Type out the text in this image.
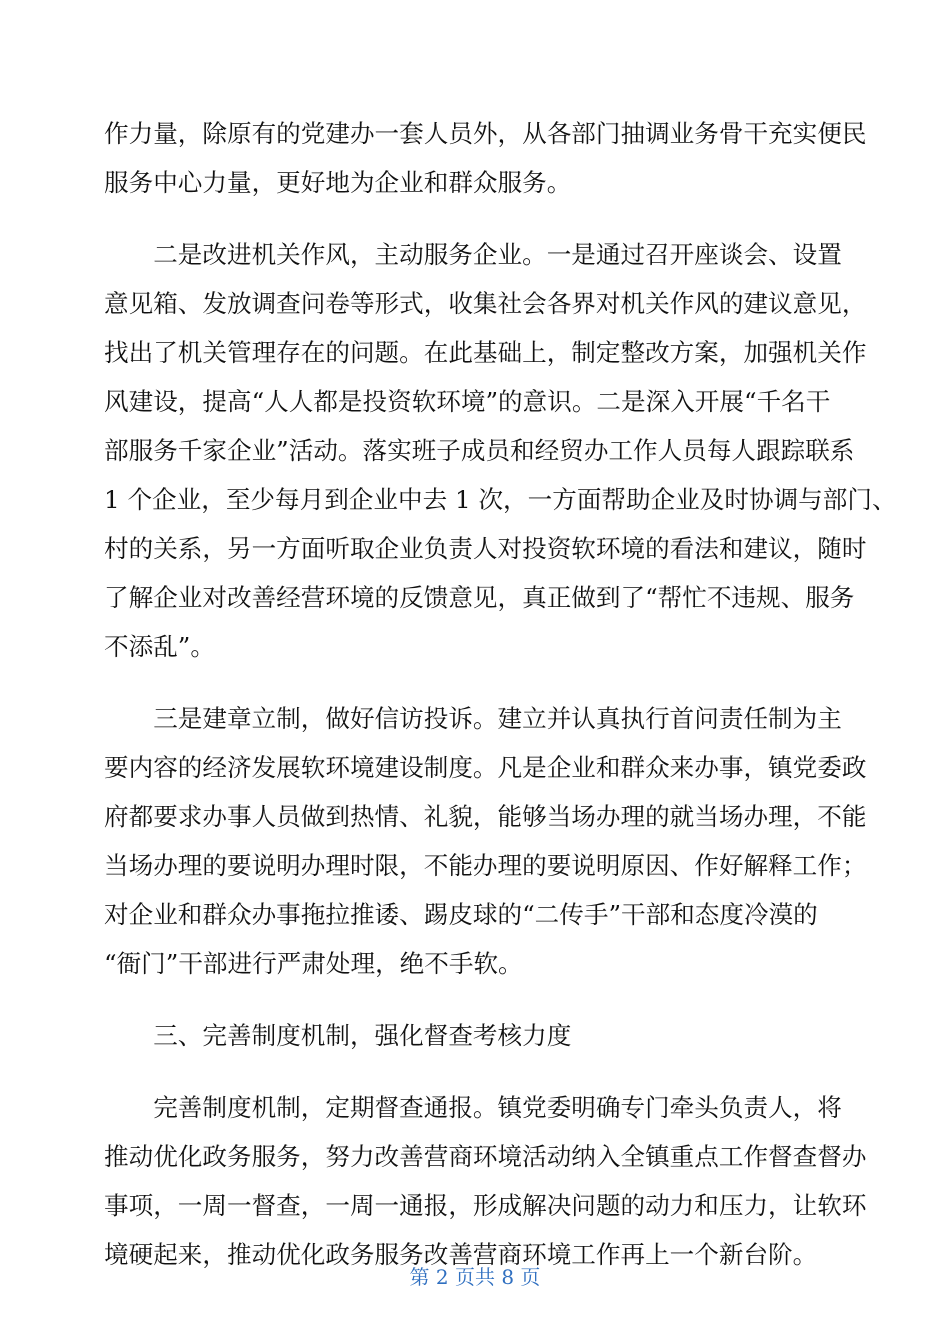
作力量，除原有的党建办一套人员外，从各部门抽调业务骨干充实便民
服务中心力量，更好地为企业和群众服务。

　　二是改进机关作风，主动服务企业。一是通过召开座谈会、设置
意见箱、发放调查问卷等形式，收集社会各界对机关作风的建议意见，
找出了机关管理存在的问题。在此基础上，制定整改方案，加强机关作
风建设，提高“人人都是投资软环境”的意识。二是深入开展“千名干
部服务千家企业”活动。落实班子成员和经贸办工作人员每人跟踪联系
1 个企业，至少每月到企业中去 1 次，一方面帮助企业及时协调与部门、
村的关系，另一方面听取企业负责人对投资软环境的看法和建议，随时
了解企业对改善经营环境的反馈意见，真正做到了“帮忙不违规、服务
不添乱”。

　　三是建章立制，做好信访投诉。建立并认真执行首问责任制为主
要内容的经济发展软环境建设制度。凡是企业和群众来办事，镇党委政
府都要求办事人员做到热情、礼貌，能够当场办理的就当场办理，不能
当场办理的要说明办理时限，不能办理的要说明原因、作好解释工作；
对企业和群众办事拖拉推诿、踢皮球的“二传手”干部和态度冷漠的
“衙门”干部进行严肃处理，绝不手软。

　　三、完善制度机制，强化督查考核力度

　　完善制度机制，定期督查通报。镇党委明确专门牵头负责人，将
推动优化政务服务，努力改善营商环境活动纳入全镇重点工作督查督办
事项，一周一督查，一周一通报，形成解决问题的动力和压力，让软环
境硬起来，推动优化政务服务改善营商环境工作再上一个新台阶。

第 2 页共 8 页
